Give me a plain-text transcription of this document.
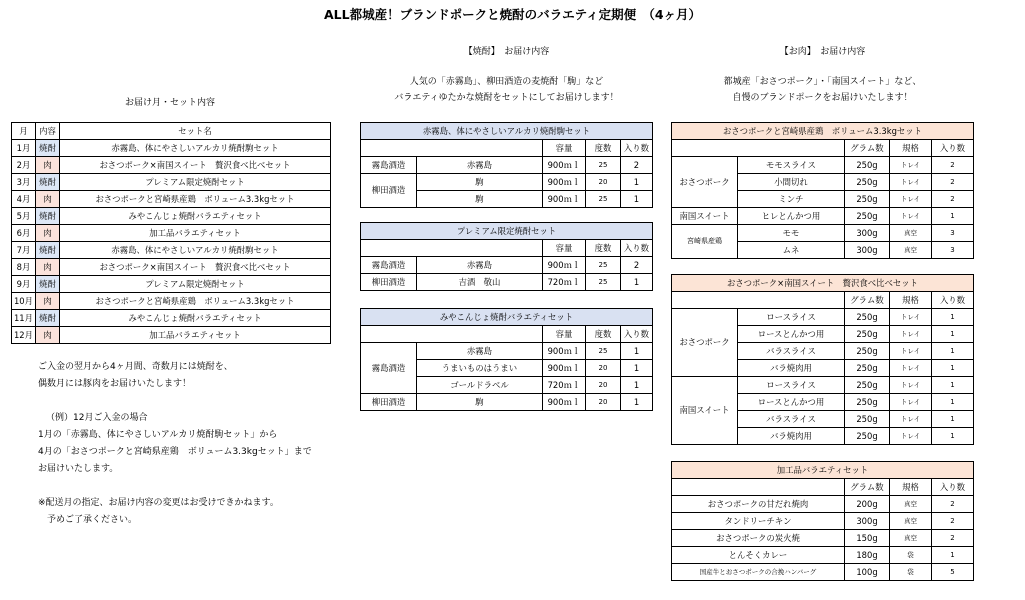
ALL都城産！ブランドポークと焼酎のバラエティ定期便　（4ヶ月）
お届け月・セット内容
月	内容	セット名
1月	焼酎	赤霧島、体にやさしいアルカリ焼酎駒セット
2月	肉	おさつポーク×南国スイート　贅沢食べ比べセット
3月	焼酎	プレミアム限定焼酎セット
4月	肉	おさつポークと宮崎県産鶏　ボリューム3.3kgセット
5月	焼酎	みやこんじょ焼酎バラエティセット
6月	肉	加工品バラエティセット
7月	焼酎	赤霧島、体にやさしいアルカリ焼酎駒セット
8月	肉	おさつポーク×南国スイート　贅沢食べ比べセット
9月	焼酎	プレミアム限定焼酎セット
10月	肉	おさつポークと宮崎県産鶏　ボリューム3.3kgセット
11月	焼酎	みやこんじょ焼酎バラエティセット
12月	肉	加工品バラエティセット
ご入金の翌月から4ヶ月間、奇数月には焼酎を、
偶数月には豚肉をお届けいたします！
（例）12月ご入金の場合
1月の「赤霧島、体にやさしいアルカリ焼酎駒セット」から
4月の「おさつポークと宮崎県産鶏　ボリューム3.3kgセット」まで
お届けいたします。
※配送月の指定、お届け内容の変更はお受けできかねます。
　予めご了承ください。
【焼酎】　お届け内容
人気の「赤霧島」、柳田酒造の麦焼酎「駒」など
バラエティゆたかな焼酎をセットにしてお届けします！
赤霧島、体にやさしいアルカリ焼酎駒セット				
		容量	度数	入り数
霧島酒造	赤霧島	900ｍｌ	25	2
柳田酒造	駒	900ｍｌ	20	1
	駒	900ｍｌ	25	1
プレミアム限定焼酎セット				
		容量	度数	入り数
霧島酒造	赤霧島	900ｍｌ	25	2
柳田酒造	吉酒　敬山	720ｍｌ	25	1
みやこんじょ焼酎バラエティセット				
		容量	度数	入り数
霧島酒造	赤霧島	900ｍｌ	25	1
	うまいものはうまい	900ｍｌ	20	1
	ゴールドラベル	720ｍｌ	20	1
柳田酒造	駒	900ｍｌ	20	1
【お肉】　お届け内容
都城産「おさつポーク」・「南国スイート」など、
自慢のブランドポークをお届けいたします！
おさつポークと宮崎県産鶏　ボリューム3.3kgセット				
		グラム数	規格	入り数
おさつポーク	モモスライス	250g	トレイ	2
	小間切れ	250g	トレイ	2
	ミンチ	250g	トレイ	2
南国スイート	ヒレとんかつ用	250g	トレイ	1
宮崎県産鶏	モモ	300g	真空	3
	ムネ	300g	真空	3
おさつポーク×南国スイート　贅沢食べ比べセット				
		グラム数	規格	入り数
おさつポーク	ロースライス	250g	トレイ	1
	ロースとんかつ用	250g	トレイ	1
	バラスライス	250g	トレイ	1
	バラ焼肉用	250g	トレイ	1
南国スイート	ロースライス	250g	トレイ	1
	ロースとんかつ用	250g	トレイ	1
	バラスライス	250g	トレイ	1
	バラ焼肉用	250g	トレイ	1
加工品バラエティセット			
	グラム数	規格	入り数
おさつポークの甘だれ焼肉	200g	真空	2
タンドリーチキン	300g	真空	2
おさつポークの炭火焼	150g	真空	2
とんそくカレー	180g	袋	1
国産牛とおさつポークの合挽ハンバーグ	100g	袋	5
